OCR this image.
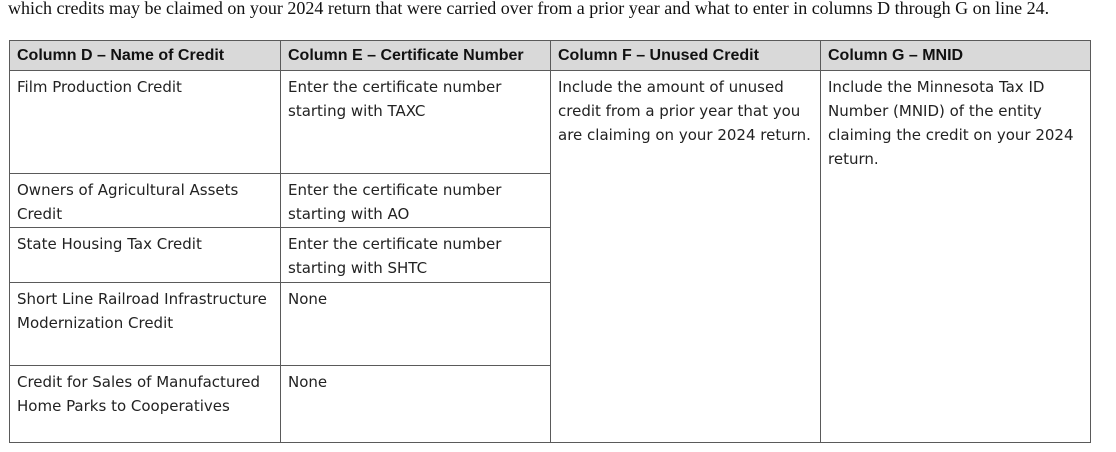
which credits may be claimed on your 2024 return that were carried over from a prior year and what to enter in columns D through G on line 24.

Column D – Name of Credit	Column E – Certificate Number	Column F – Unused Credit	Column G – MNID
Film Production Credit	Enter the certificate number starting with TAXC	Include the amount of unused credit from a prior year that you are claiming on your 2024 return.	Include the Minnesota Tax ID Number (MNID) of the entity claiming the credit on your 2024 return.
Owners of Agricultural Assets Credit	Enter the certificate number starting with AO		
State Housing Tax Credit	Enter the certificate number starting with SHTC		
Short Line Railroad Infrastructure Modernization Credit	None		
Credit for Sales of Manufactured Home Parks to Cooperatives	None		
